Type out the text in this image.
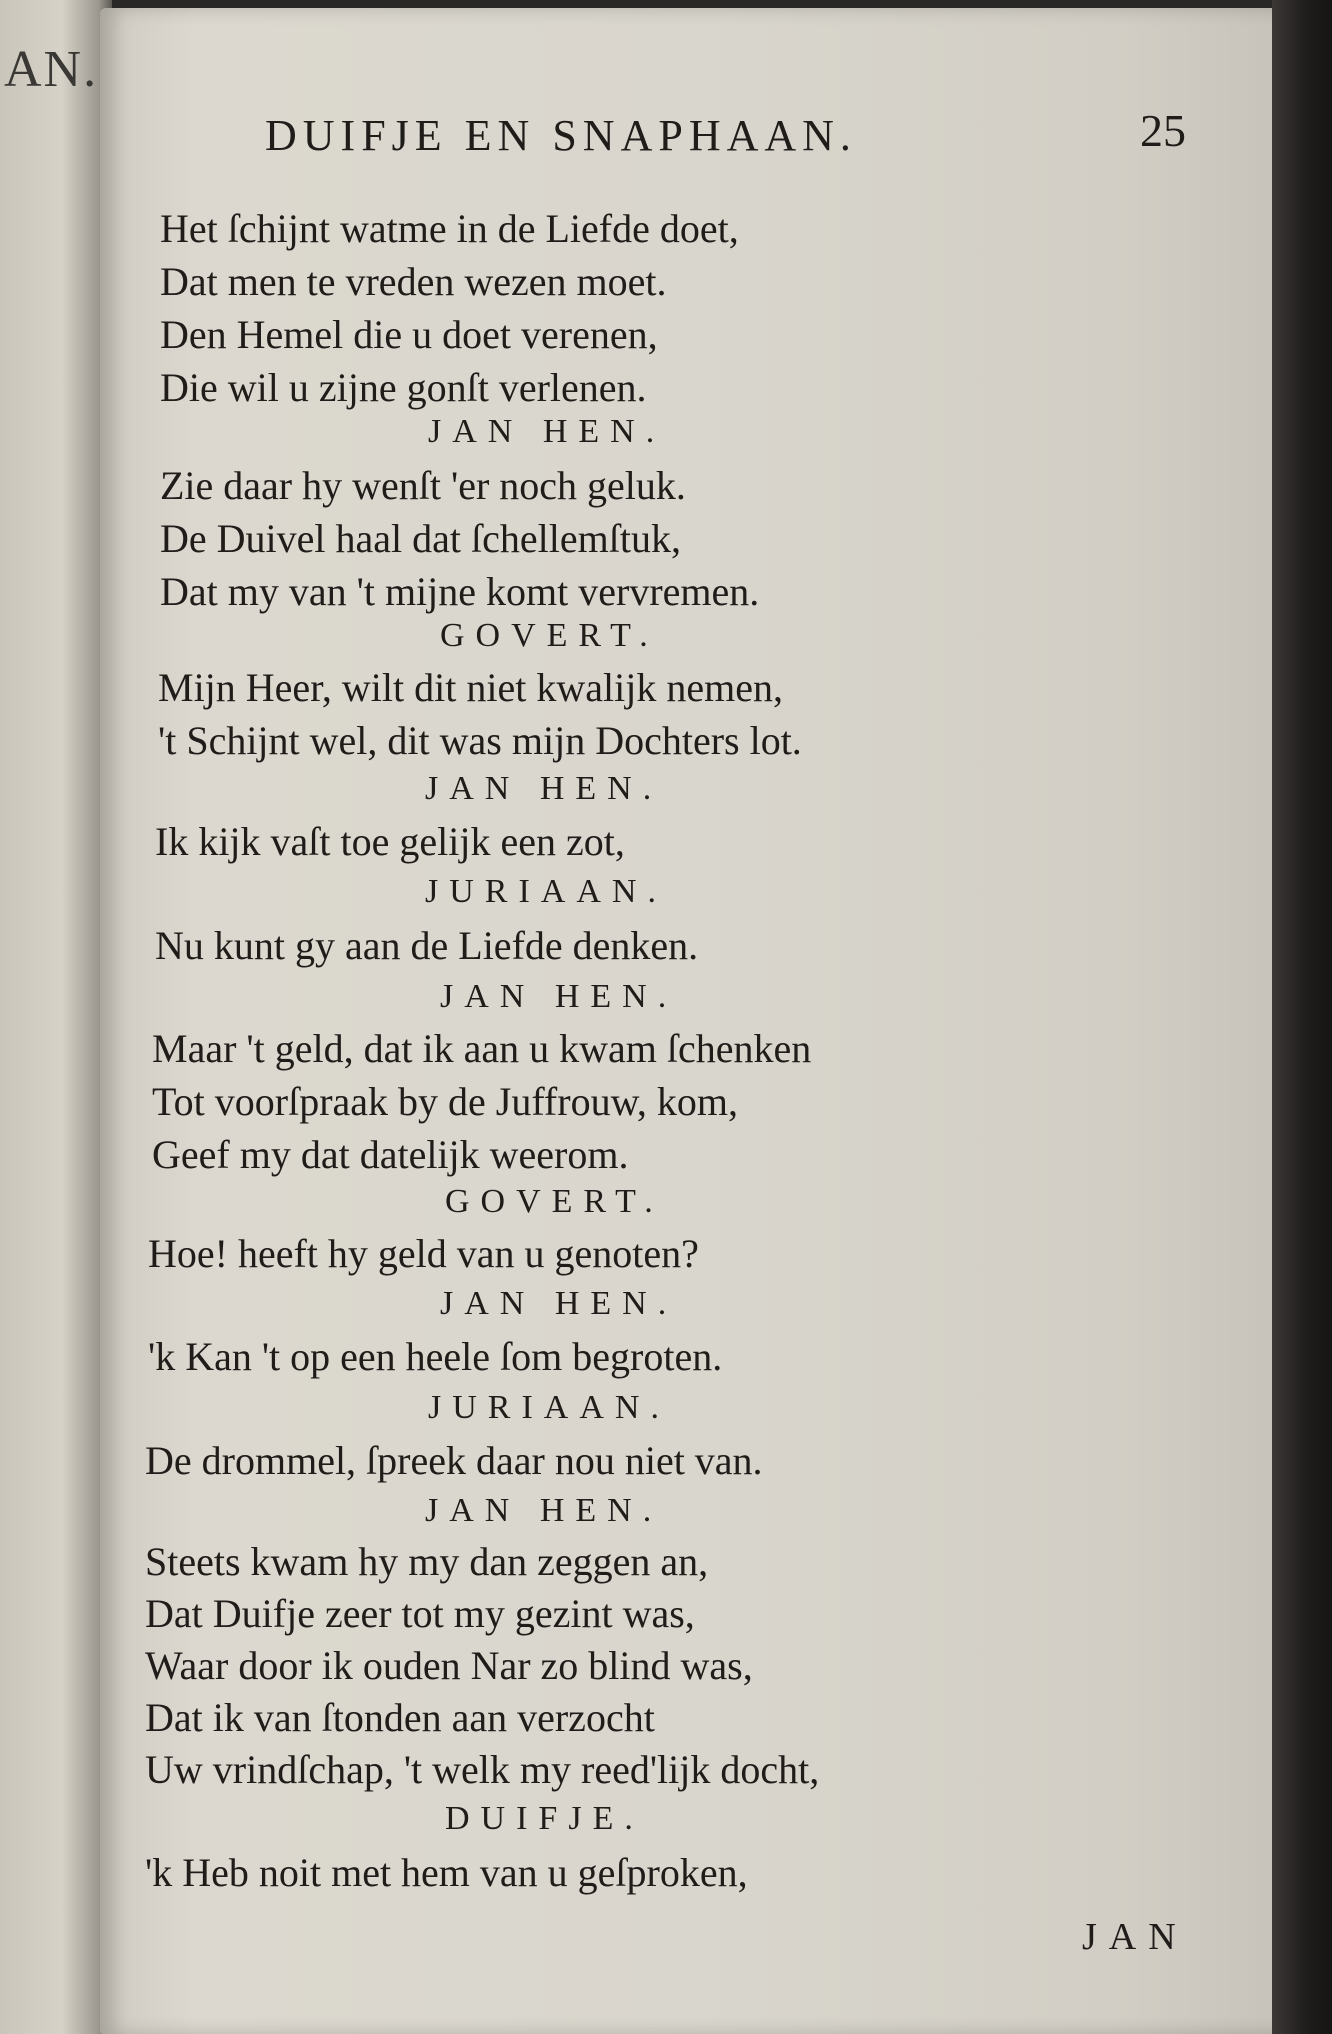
AN.
DUIFJE EN SNAPHAAN.	25
Het ſchijnt watme in de Liefde doet,
Dat men te vreden wezen moet.
Den Hemel die u doet verenen,
Die wil u zijne gonſt verlenen.
JAN HEN.
Zie daar hy wenſt 'er noch geluk.
De Duivel haal dat ſchellemſtuk,
Dat my van 't mijne komt vervremen.
GOVERT.
Mijn Heer, wilt dit niet kwalijk nemen,
't Schijnt wel, dit was mijn Dochters lot.
JAN HEN.
Ik kijk vaſt toe gelijk een zot,
JURIAAN.
Nu kunt gy aan de Liefde denken.
JAN HEN.
Maar 't geld, dat ik aan u kwam ſchenken
Tot voorſpraak by de Juffrouw, kom,
Geef my dat datelijk weerom.
GOVERT.
Hoe! heeft hy geld van u genoten?
JAN HEN.
'k Kan 't op een heele ſom begroten.
JURIAAN.
De drommel, ſpreek daar nou niet van.
JAN HEN.
Steets kwam hy my dan zeggen an,
Dat Duifje zeer tot my gezint was,
Waar door ik ouden Nar zo blind was,
Dat ik van ſtonden aan verzocht
Uw vrindſchap, 't welk my reed'lijk docht,
DUIFJE.
'k Heb noit met hem van u geſproken,
JAN
